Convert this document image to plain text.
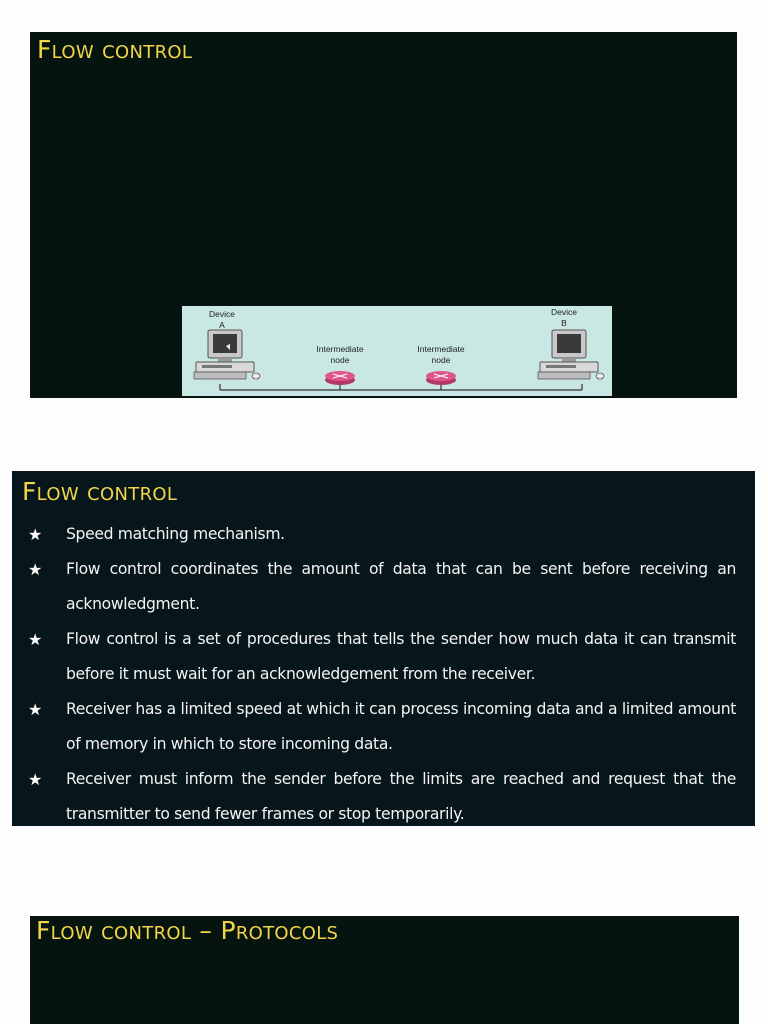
Flow control
Device
A
Device
B
Intermediate
node
Intermediate
node
Flow control
★ Speed matching mechanism.
★ Flow control coordinates the amount of data that can be sent before receiving an acknowledgment.
★ Flow control is a set of procedures that tells the sender how much data it can transmit before it must wait for an acknowledgement from the receiver.
★ Receiver has a limited speed at which it can process incoming data and a limited amount of memory in which to store incoming data.
★ Receiver must inform the sender before the limits are reached and request that the transmitter to send fewer frames or stop temporarily.
Flow control – Protocols
